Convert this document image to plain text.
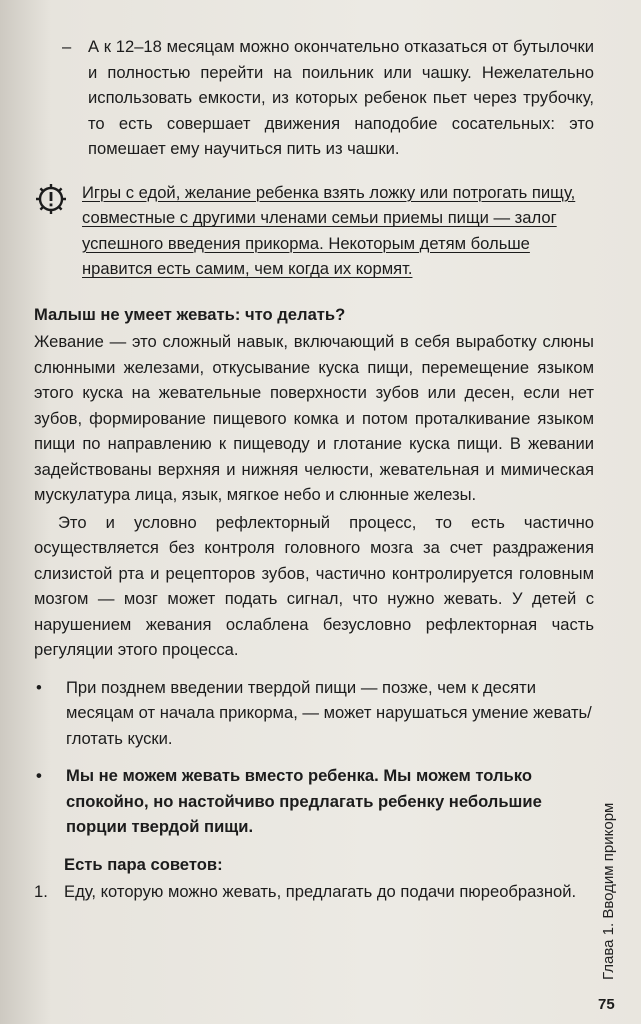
–	А к 12–18 месяцам можно окончательно отказаться от бутылочки и полностью перейти на поильник или чашку. Нежелательно использовать емкости, из которых ребенок пьет через трубочку, то есть совершает движения наподобие сосательных: это помешает ему научиться пить из чашки.
Игры с едой, желание ребенка взять ложку или потрогать пищу, совместные с другими членами семьи приемы пищи — залог успешного введения прикорма. Некоторым детям больше нравится есть самим, чем когда их кормят.

Малыш не умеет жевать: что делать?

Жевание — это сложный навык, включающий в себя выработку слюны слюнными железами, откусывание куска пищи, перемещение языком этого куска на жевательные поверхности зубов или десен, если нет зубов, формирование пищевого комка и потом проталкивание языком пищи по направлению к пищеводу и глотание куска пищи. В жевании задействованы верхняя и нижняя челюсти, жевательная и мимическая мускулатура лица, язык, мягкое небо и слюнные железы.

Это и условно рефлекторный процесс, то есть частично осуществляется без контроля головного мозга за счет раздражения слизистой рта и рецепторов зубов, частично контролируется головным мозгом — мозг может подать сигнал, что нужно жевать. У детей с нарушением жевания ослаблена безусловно рефлекторная часть регуляции этого процесса.

•	При позднем введении твердой пищи — позже, чем к десяти месяцам от начала прикорма, — может нарушаться умение жевать/глотать куски.
•	Мы не можем жевать вместо ребенка. Мы можем только спокойно, но настойчиво предлагать ребенку небольшие порции твердой пищи.

Есть пара советов:

1. Еду, которую можно жевать, предлагать до подачи пюреобразной.	Глава 1. Вводим прикорм
75
